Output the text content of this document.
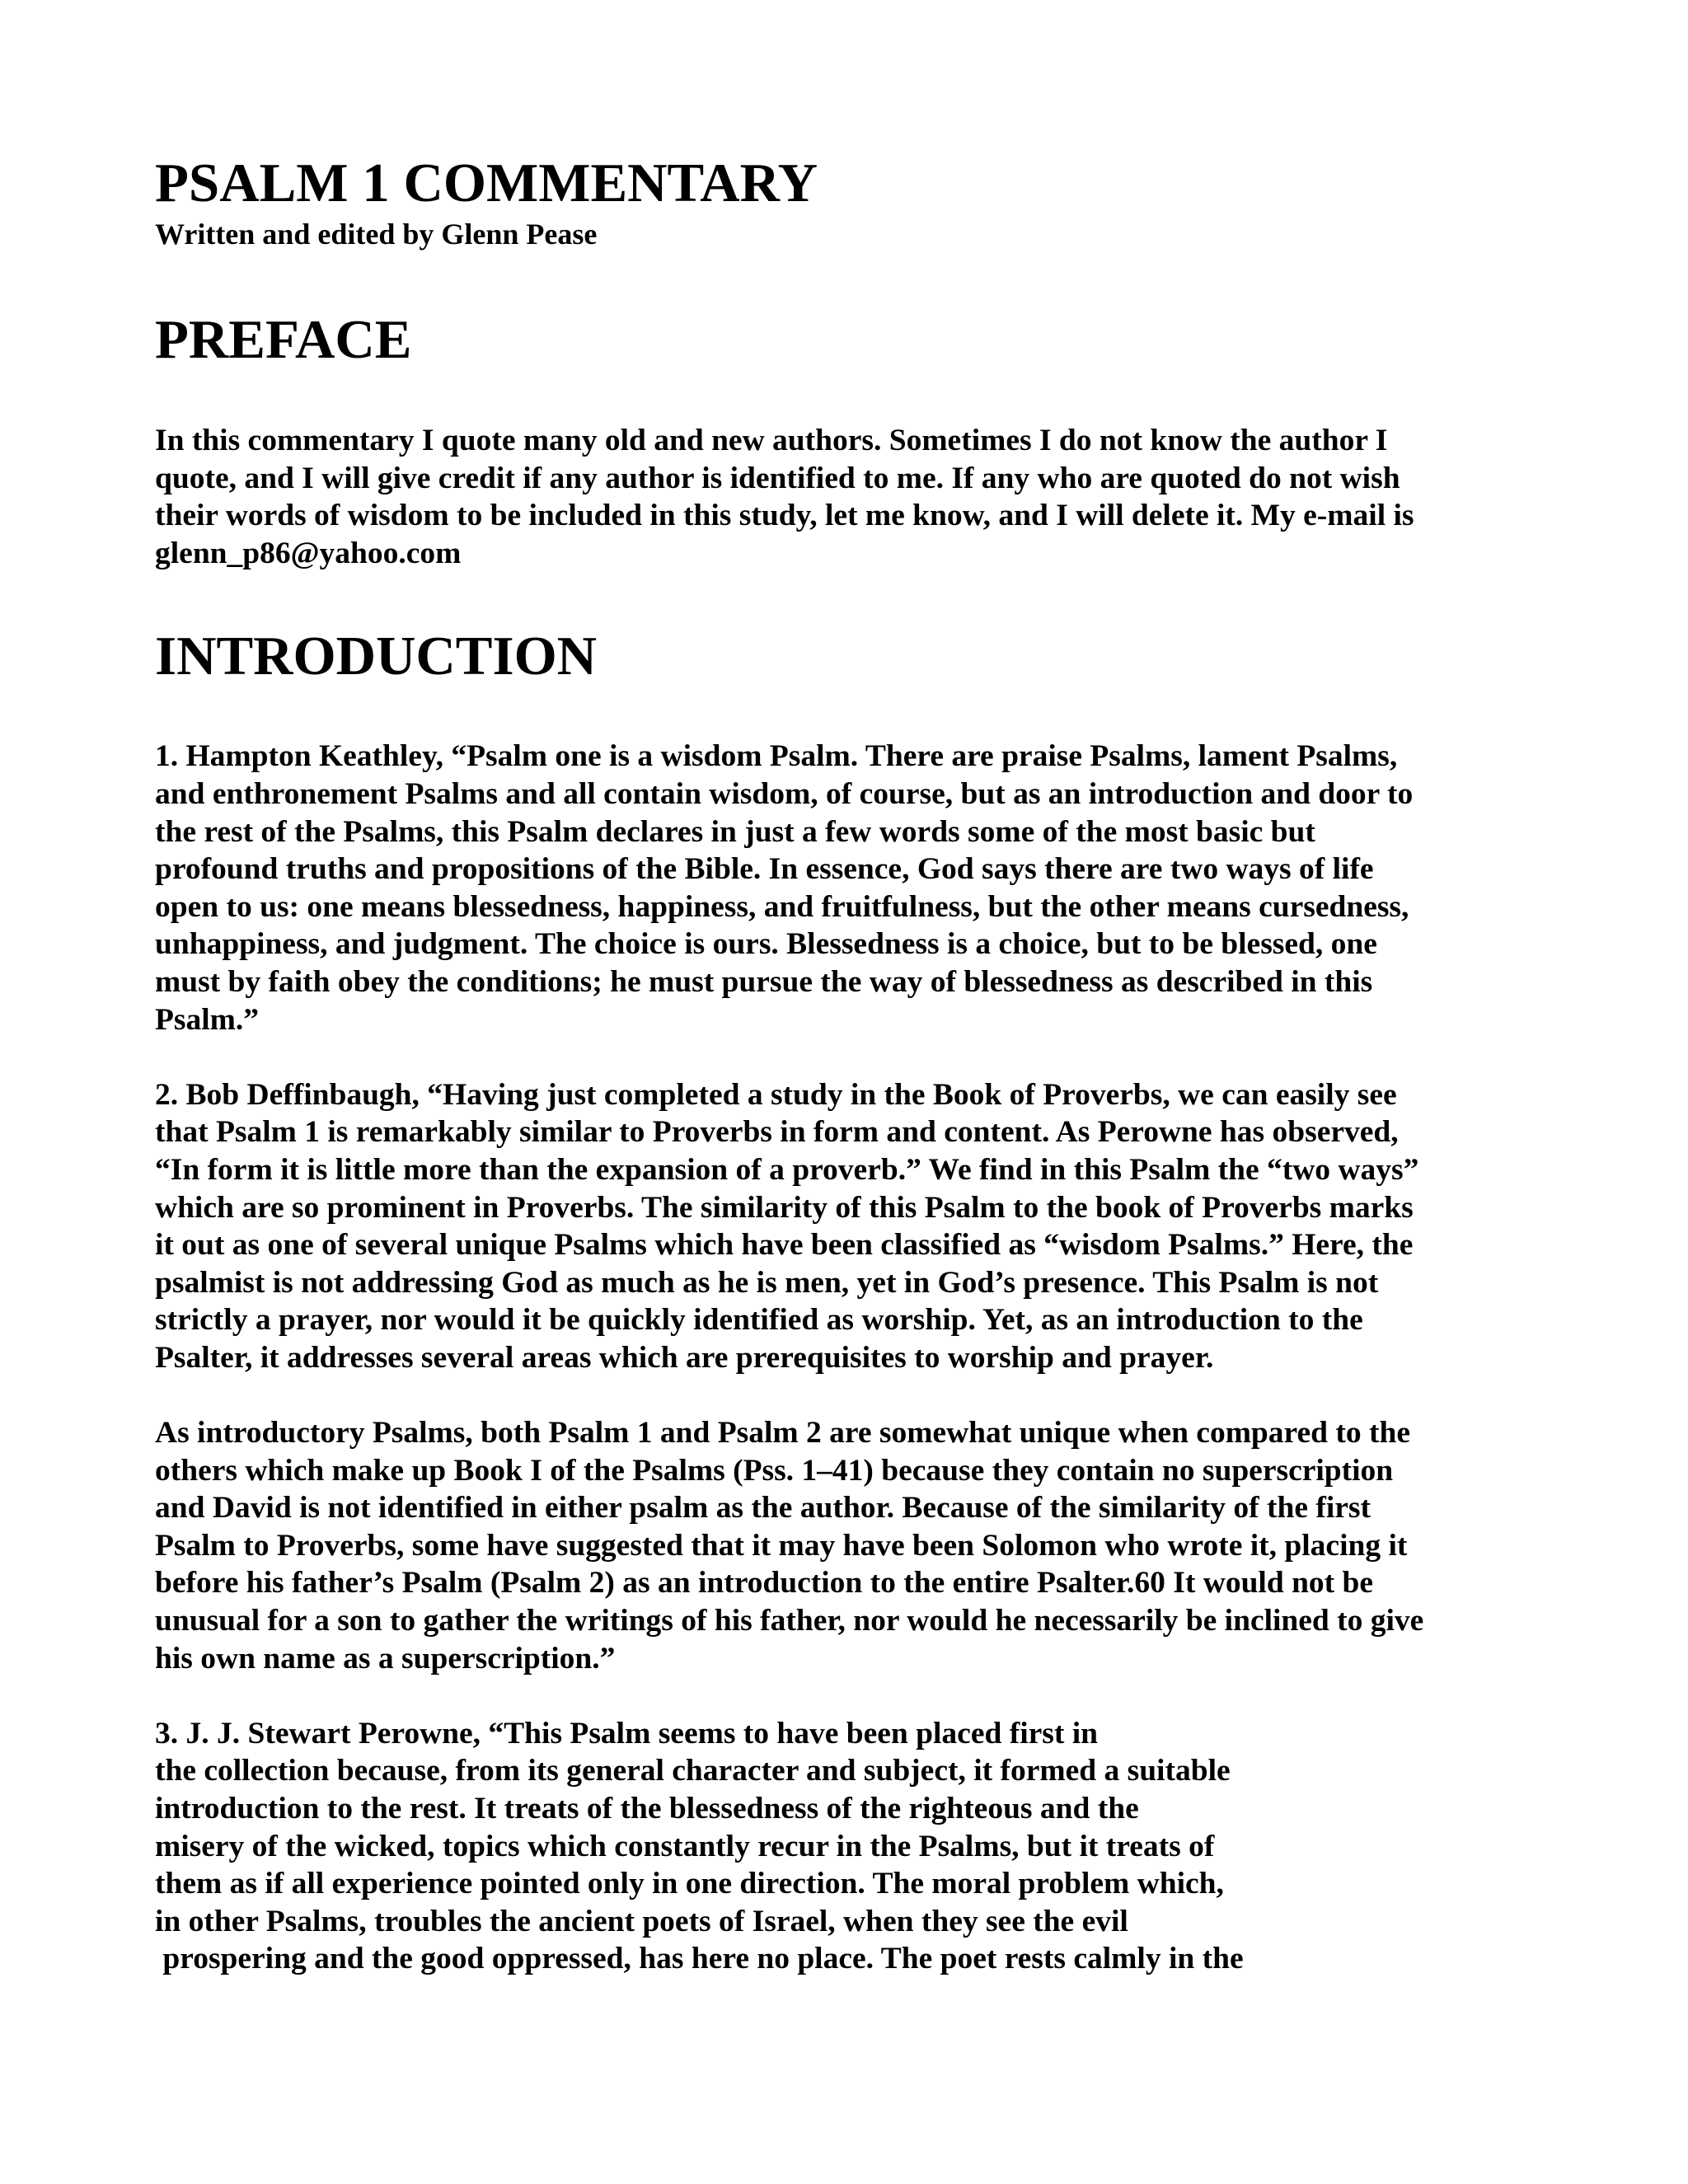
PSALM 1 COMMENTARY

Written and edited by Glenn Pease

PREFACE

In this commentary I quote many old and new authors. Sometimes I do not know the author I
quote, and I will give credit if any author is identified to me. If any who are quoted do not wish
their words of wisdom to be included in this study, let me know, and I will delete it. My e-mail is
glenn_p86@yahoo.com

INTRODUCTION

1. Hampton Keathley, “Psalm one is a wisdom Psalm. There are praise Psalms, lament Psalms,
and enthronement Psalms and all contain wisdom, of course, but as an introduction and door to
the rest of the Psalms, this Psalm declares in just a few words some of the most basic but
profound truths and propositions of the Bible. In essence, God says there are two ways of life
open to us: one means blessedness, happiness, and fruitfulness, but the other means cursedness,
unhappiness, and judgment. The choice is ours. Blessedness is a choice, but to be blessed, one
must by faith obey the conditions; he must pursue the way of blessedness as described in this
Psalm.”

2. Bob Deffinbaugh, “Having just completed a study in the Book of Proverbs, we can easily see
that Psalm 1 is remarkably similar to Proverbs in form and content. As Perowne has observed,
“In form it is little more than the expansion of a proverb.” We find in this Psalm the “two ways”
which are so prominent in Proverbs. The similarity of this Psalm to the book of Proverbs marks
it out as one of several unique Psalms which have been classified as “wisdom Psalms.” Here, the
psalmist is not addressing God as much as he is men, yet in God’s presence. This Psalm is not
strictly a prayer, nor would it be quickly identified as worship. Yet, as an introduction to the
Psalter, it addresses several areas which are prerequisites to worship and prayer.

As introductory Psalms, both Psalm 1 and Psalm 2 are somewhat unique when compared to the
others which make up Book I of the Psalms (Pss. 1–41) because they contain no superscription
and David is not identified in either psalm as the author. Because of the similarity of the first
Psalm to Proverbs, some have suggested that it may have been Solomon who wrote it, placing it
before his father’s Psalm (Psalm 2) as an introduction to the entire Psalter.60 It would not be
unusual for a son to gather the writings of his father, nor would he necessarily be inclined to give
his own name as a superscription.”

3. J. J. Stewart Perowne, “This Psalm seems to have been placed first in
the collection because, from its general character and subject, it formed a suitable
introduction to the rest. It treats of the blessedness of the righteous and the
misery of the wicked, topics which constantly recur in the Psalms, but it treats of
them as if all experience pointed only in one direction. The moral problem which,
in other Psalms, troubles the ancient poets of Israel, when they see the evil
prospering and the good oppressed, has here no place. The poet rests calmly in the
